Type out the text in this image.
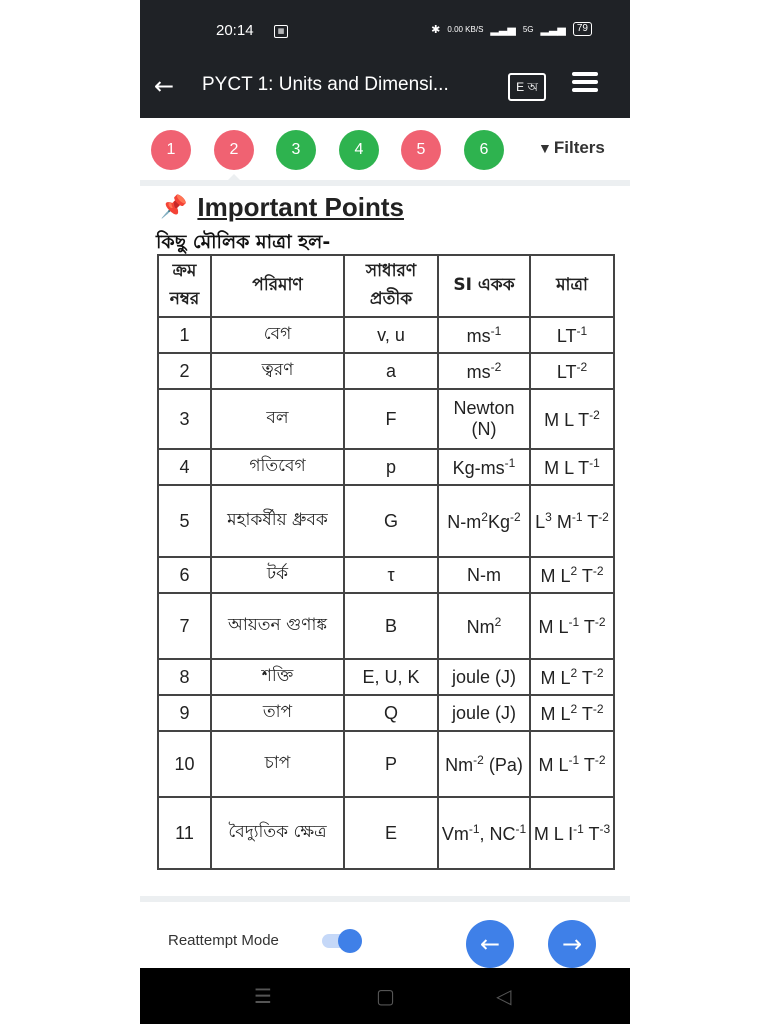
20:14	▦	✱ 0.00 KB/S ▂▃▅ 5G ▂▃▅	79
← PYCT 1: Units and Dimensi...	E অ
▼ Filters
1	2	3	4	5	6
📌 Important Points
কিছু মৌলিক মাত্রা হল-
ক্রম নম্বর	পরিমাণ	সাধারণ প্রতীক	SI একক	মাত্রা
1	বেগ	v, u	$ms^{-1}$	$LT^{-1}$
2	ত্বরণ	a	$ms^{-2}$	$LT^{-2}$
3	বল	F	Newton (N)	M L $T^{-2}$
4	গতিবেগ	p	$Kg-ms^{-1}$	M L $T^{-1}$
5	মহাকর্ষীয় ধ্রুবক	G	$N-m^2Kg^{-2}$	$L^3$ $M^{-1}$ $T^{-2}$
6	টর্ক	τ	N-m	M $L^2$ $T^{-2}$
7	আয়তন গুণাঙ্ক	B	Nm$^2$	M $L^{-1}$ $T^{-2}$
8	শক্তি	E, U, K	joule (J)	M $L^2$ $T^{-2}$
9	তাপ	Q	joule (J)	M $L^2$ $T^{-2}$
10	চাপ	P	$Nm^{-2}$ (Pa)	M $L^{-1}$ $T^{-2}$
11	বৈদ্যুতিক ক্ষেত্র	E	$Vm^{-1}$, $NC^{-1}$	M L $I^{-1}$ $T^{-3}$
Reattempt Mode	←	→
☰	▢	◁
